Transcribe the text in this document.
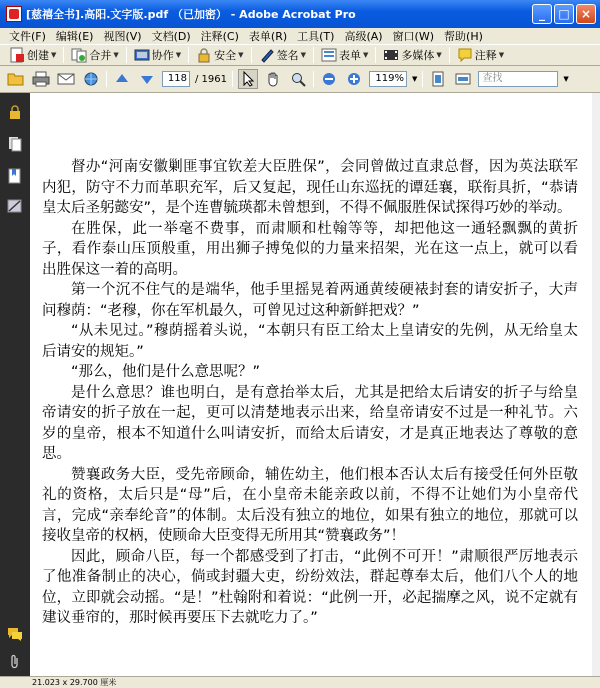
[慈禧全书].高阳.文字版.pdf （已加密） - Adobe Acrobat Pro	_	□ ×
文件(F) 编辑(E) 视图(V) 文档(D) 注释(C) 表单(R) 工具(T) 高级(A) 窗口(W) 帮助(H)
创建 ▼	合并 ▼	协作 ▼	安全 ▼	签名 ▼	表单 ▼	多媒体 ▼	注释 ▼
118 / 1961	119%	▼	查找	▼

督办“河南安徽剿匪事宜钦差大臣胜保”，会同曾做过直隶总督，因为英法联军内犯，防守不力而革职充军，后又复起，现任山东巡抚的谭廷襄，联衔具折，“恭请皇太后圣躬懿安”，是个连曹毓瑛都未曾想到，不得不佩服胜保试探得巧妙的举动。

在胜保，此一举毫不费事，而肃顺和杜翰等等，却把他这一通轻飘飘的黄折子，看作泰山压顶般重，用出狮子搏兔似的力量来招架，光在这一点上，就可以看出胜保这一着的高明。

第一个沉不住气的是端华，他手里摇晃着两通黄绫硬裱封套的请安折子，大声问穆荫：“老穆，你在军机最久，可曾见过这种新鲜把戏？”

“从未见过。”穆荫摇着头说，“本朝只有臣工给太上皇请安的先例，从无给皇太后请安的规矩。”

“那么，他们是什么意思呢？”

是什么意思？谁也明白，是有意抬举太后，尤其是把给太后请安的折子与给皇帝请安的折子放在一起，更可以清楚地表示出来，给皇帝请安不过是一种礼节。六岁的皇帝，根本不知道什么叫请安折，而给太后请安，才是真正地表达了尊敬的意思。

赞襄政务大臣，受先帝顾命，辅佐幼主，他们根本否认太后有接受任何外臣敬礼的资格，太后只是“母”后，在小皇帝未能亲政以前，不得不让她们为小皇帝代言，完成“亲奉纶音”的体制。太后没有独立的地位，如果有独立的地位，那就可以接收皇帝的权柄，使顾命大臣变得无所用其“赞襄政务”！

因此，顾命八臣，每一个都感受到了打击，“此例不可开！”肃顺很严厉地表示了他准备制止的决心，倘或封疆大吏，纷纷效法，群起尊奉太后，他们八个人的地位，立即就会动摇。“是！”杜翰附和着说：“此例一开，必起揣摩之风，说不定就有建议垂帘的，那时候再要压下去就吃力了。”

21.023 x 29.700 厘米
